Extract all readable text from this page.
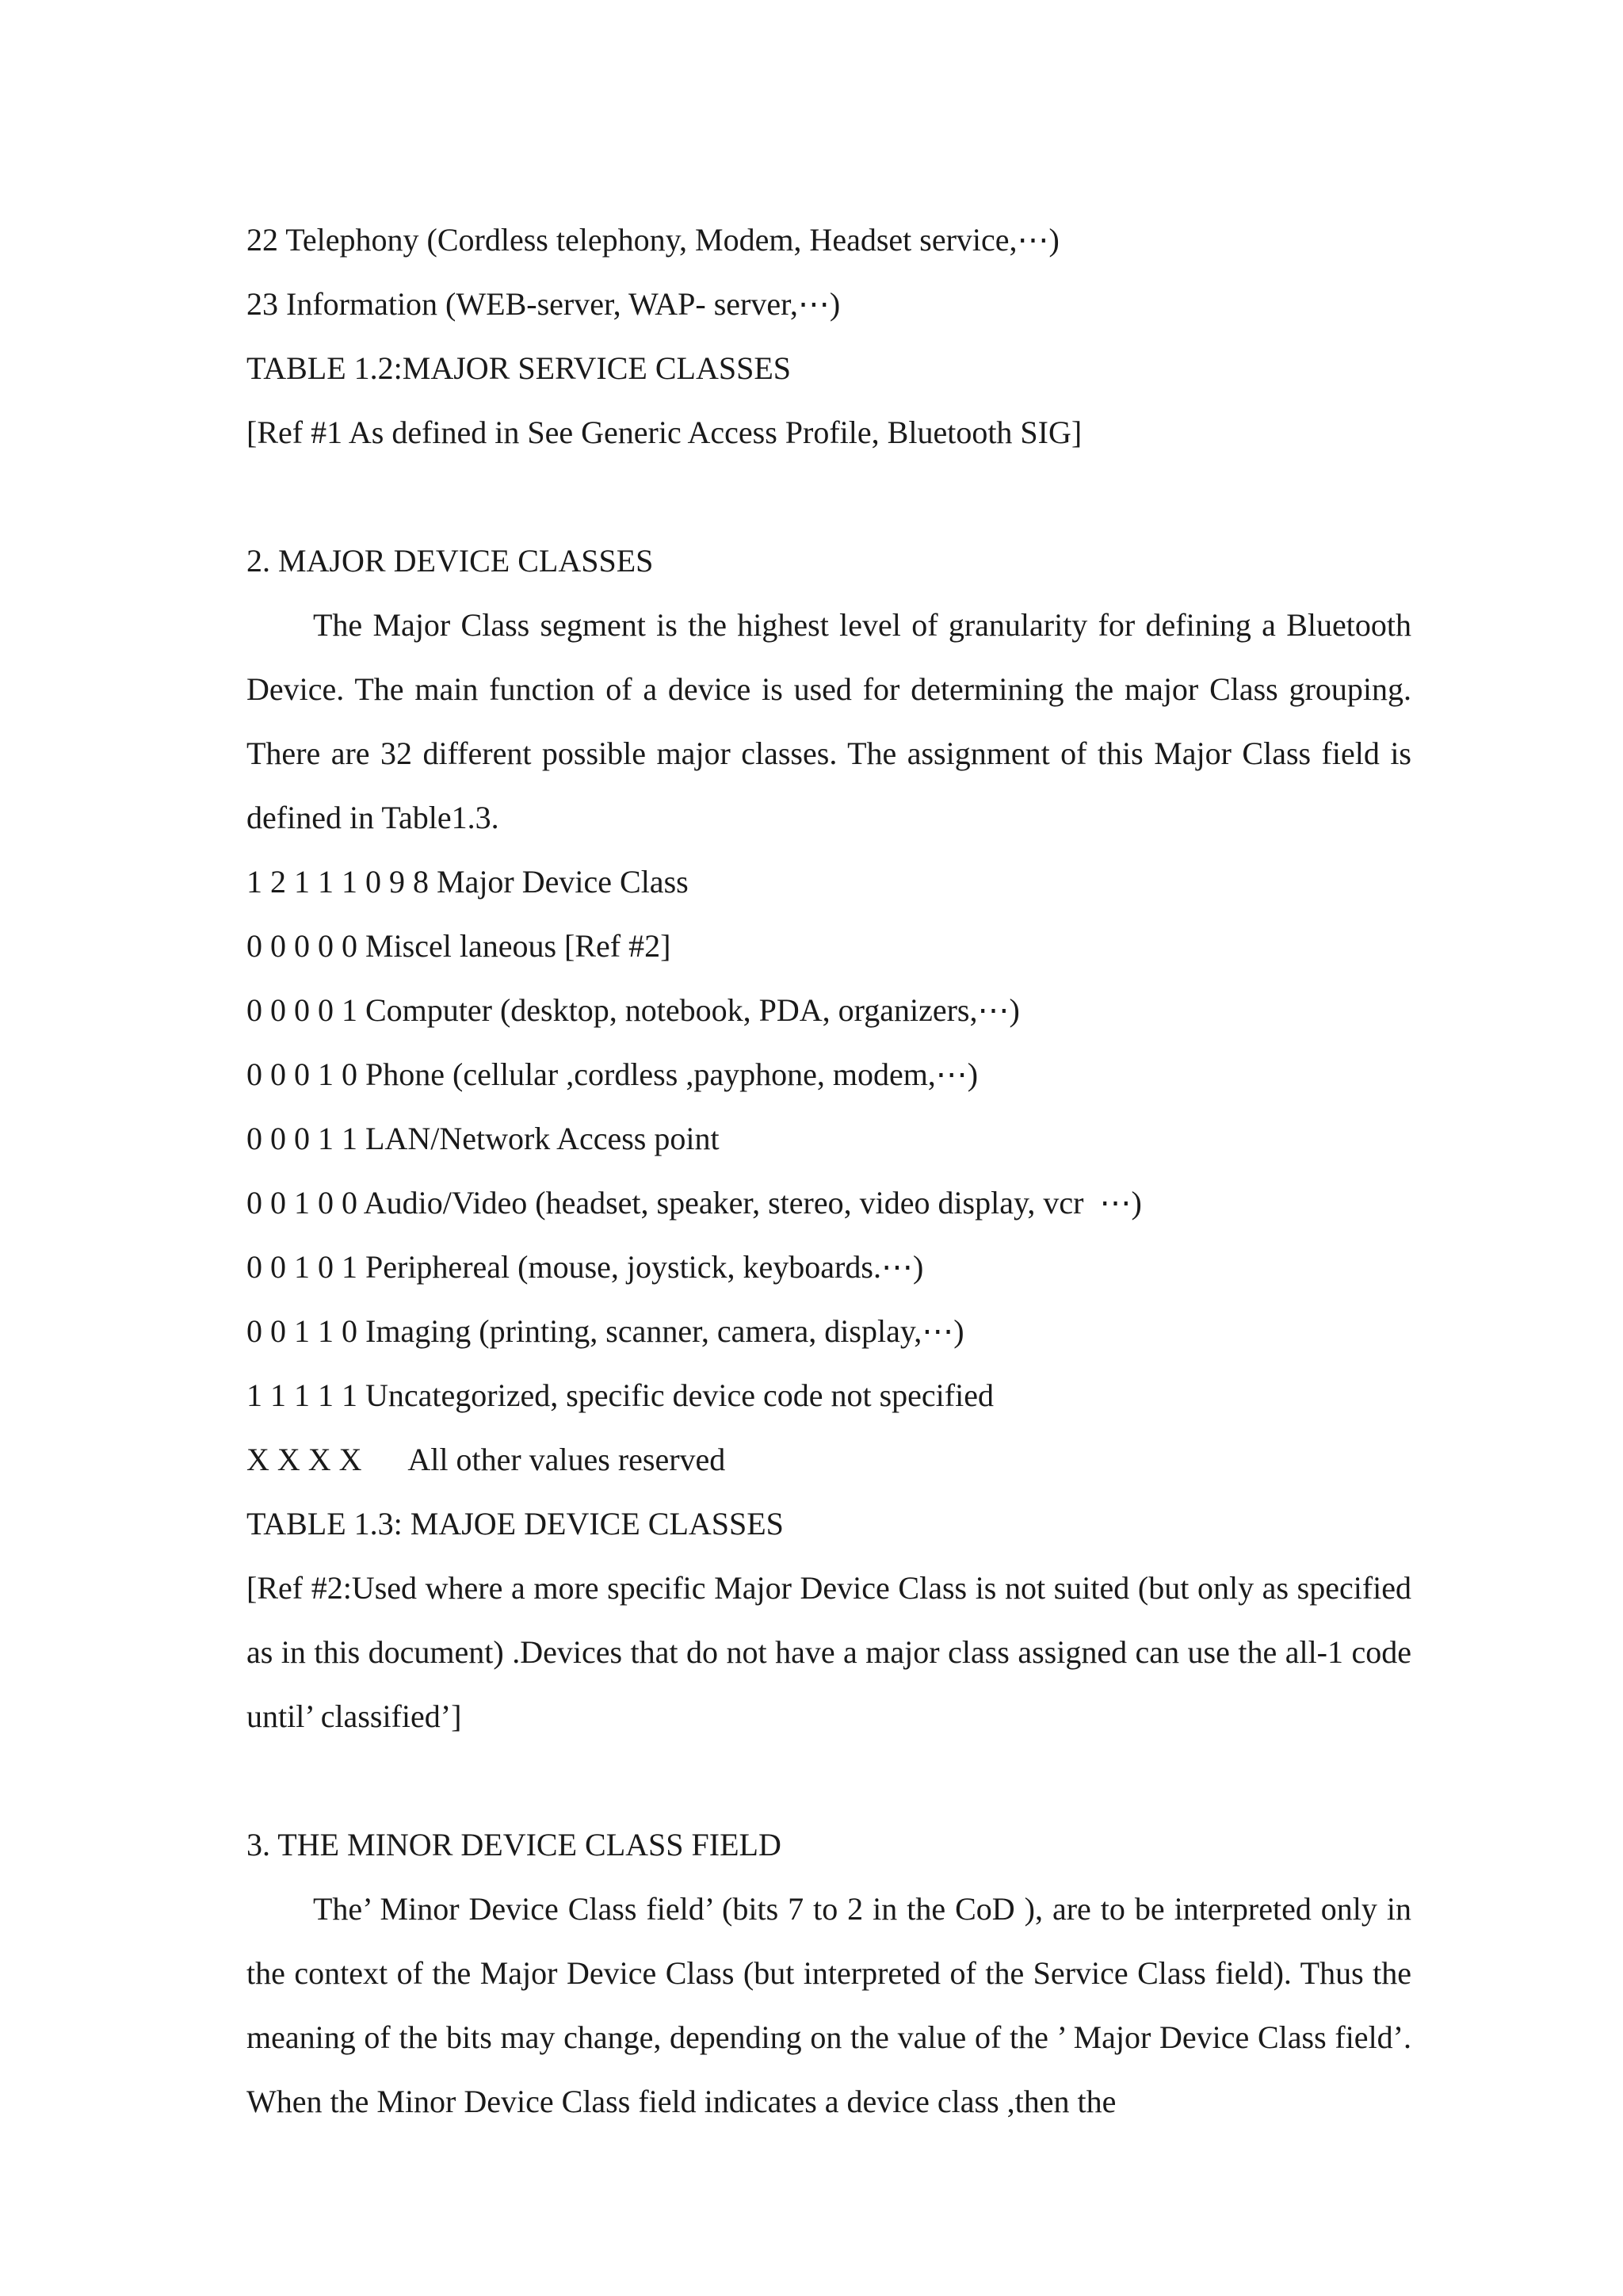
22 Telephony (Cordless telephony, Modem, Headset service,⋯)
23 Information (WEB-server, WAP- server,⋯)
TABLE 1.2:MAJOR SERVICE CLASSES
[Ref #1 As defined in See Generic Access Profile, Bluetooth SIG]
2. MAJOR DEVICE CLASSES

The Major Class segment is the highest level of granularity for defining a Bluetooth Device. The main function of a device is used for determining the major Class grouping. There are 32 different possible major classes. The assignment of this Major Class field is defined in Table1.3.

1 2 1 1 1 0 9 8 Major Device Class
0 0 0 0 0 Miscel laneous [Ref #2]
0 0 0 0 1 Computer (desktop, notebook, PDA, organizers,⋯)
0 0 0 1 0 Phone (cellular ,cordless ,payphone, modem,⋯)
0 0 0 1 1 LAN/Network Access point
0 0 1 0 0 Audio/Video (headset, speaker, stereo, video display, vcr  ⋯)
0 0 1 0 1 Periphereal (mouse, joystick, keyboards.⋯)
0 0 1 1 0 Imaging (printing, scanner, camera, display,⋯)
1 1 1 1 1 Uncategorized, specific device code not specified
X X X X      All other values reserved
TABLE 1.3: MAJOE DEVICE CLASSES

[Ref #2:Used where a more specific Major Device Class is not suited (but only as specified as in this document) .Devices that do not have a major class assigned can use the all-1 code until’ classified’]

3. THE MINOR DEVICE CLASS FIELD

The’ Minor Device Class field’ (bits 7 to 2 in the CoD ), are to be interpreted only in the context of the Major Device Class (but interpreted of the Service Class field). Thus the meaning of the bits may change, depending on the value of the ’ Major Device Class field’. When the Minor Device Class field indicates a device class ,then the
